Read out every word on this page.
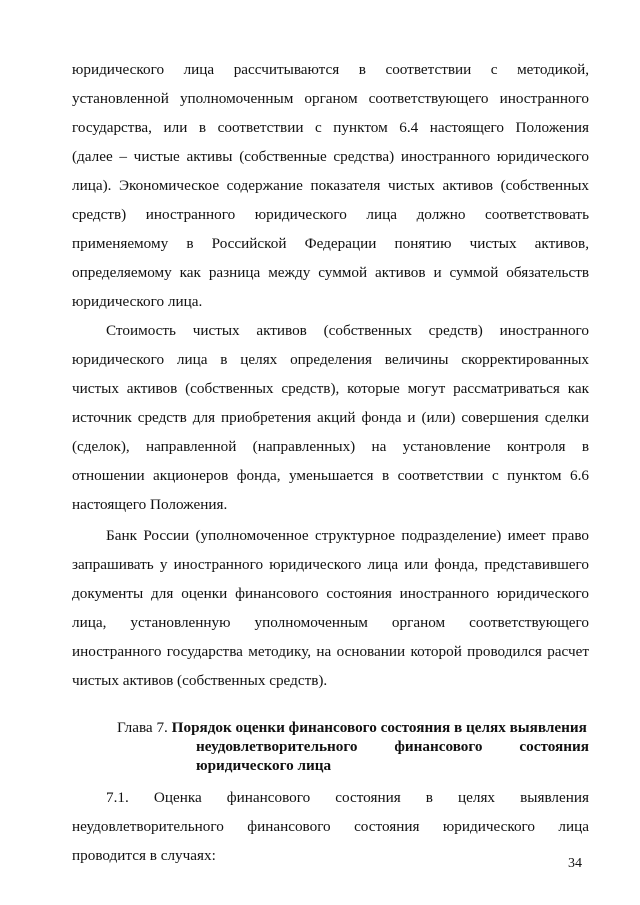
юридического лица рассчитываются в соответствии с методикой,
установленной уполномоченным органом соответствующего иностранного
государства, или в соответствии с пунктом 6.4 настоящего Положения
(далее – чистые активы (собственные средства) иностранного юридического
лица). Экономическое содержание показателя чистых активов (собственных
средств) иностранного юридического лица должно соответствовать
применяемому в Российской Федерации понятию чистых активов,
определяемому как разница между суммой активов и суммой обязательств
юридического лица.
Стоимость чистых активов (собственных средств) иностранного
юридического лица в целях определения величины скорректированных
чистых активов (собственных средств), которые могут рассматриваться как
источник средств для приобретения акций фонда и (или) совершения сделки
(сделок), направленной (направленных) на установление контроля в
отношении акционеров фонда, уменьшается в соответствии с пунктом 6.6
настоящего Положения.
Банк России (уполномоченное структурное подразделение) имеет право
запрашивать у иностранного юридического лица или фонда, представившего
документы для оценки финансового состояния иностранного юридического
лица, установленную уполномоченным органом соответствующего
иностранного государства методику, на основании которой проводился расчет
чистых активов (собственных средств).
Глава 7. Порядок оценки финансового состояния в целях выявления
неудовлетворительного финансового состояния
юридического лица
7.1. Оценка финансового состояния в целях выявления
неудовлетворительного финансового состояния юридического лица
проводится в случаях:	34
